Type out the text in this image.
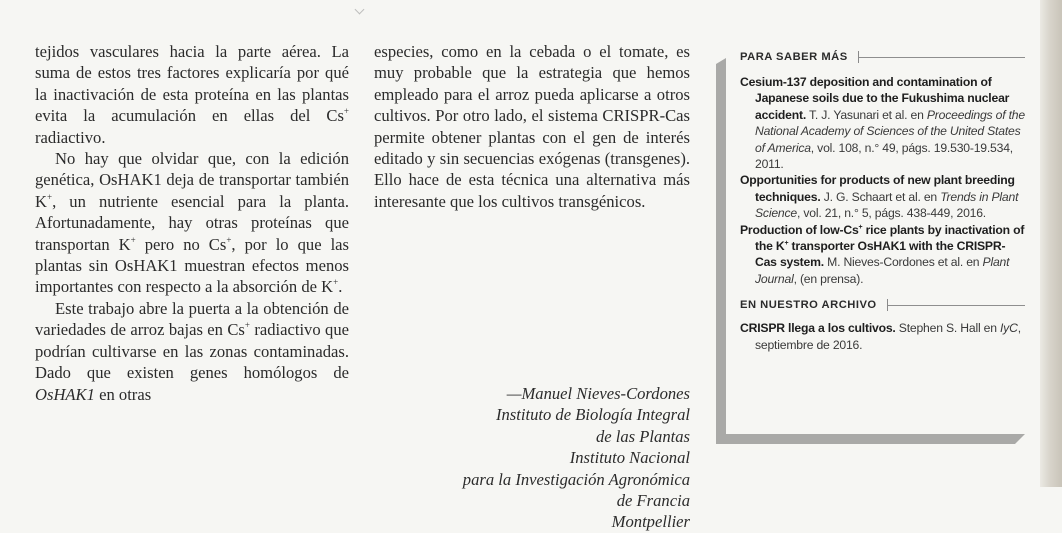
tejidos vasculares hacia la parte aérea. La suma de estos tres factores explicaría por qué la inactivación de esta proteína en las plantas evita la acumulación en ellas del Cs+ radiactivo.

No hay que olvidar que, con la edición genética, OsHAK1 deja de transportar también K+, un nutriente esencial para la planta. Afortunadamente, hay otras proteínas que transportan K+ pero no Cs+, por lo que las plantas sin OsHAK1 muestran efectos menos importantes con respecto a la absorción de K+.

Este trabajo abre la puerta a la obtención de variedades de arroz bajas en Cs+ radiactivo que podrían cultivarse en las zonas contaminadas. Dado que existen genes homólogos de OsHAK1 en otras

especies, como en la cebada o el tomate, es muy probable que la estrategia que hemos empleado para el arroz pueda aplicarse a otros cultivos. Por otro lado, el sistema CRISPR-Cas permite obtener plantas con el gen de interés editado y sin secuencias exógenas (transgenes). Ello hace de esta técnica una alternativa más interesante que los cultivos transgénicos.

—Manuel Nieves-Cordones
Instituto de Biología Integral
de las Plantas
Instituto Nacional
para la Investigación Agronómica
de Francia
Montpellier
PARA SABER MÁS
Cesium-137 deposition and contamination of Japanese soils due to the Fukushima nuclear accident. T. J. Yasunari et al. en Proceedings of the National Academy of Sciences of the United States of America, vol. 108, n.° 49, págs. 19.530-19.534, 2011.
Opportunities for products of new plant breeding techniques. J. G. Schaart et al. en Trends in Plant Science, vol. 21, n.° 5, págs. 438-449, 2016.
Production of low-Cs+ rice plants by inactivation of the K+ transporter OsHAK1 with the CRISPR-Cas system. M. Nieves-Cordones et al. en Plant Journal, (en prensa).
EN NUESTRO ARCHIVO
CRISPR llega a los cultivos. Stephen S. Hall en IyC, septiembre de 2016.
